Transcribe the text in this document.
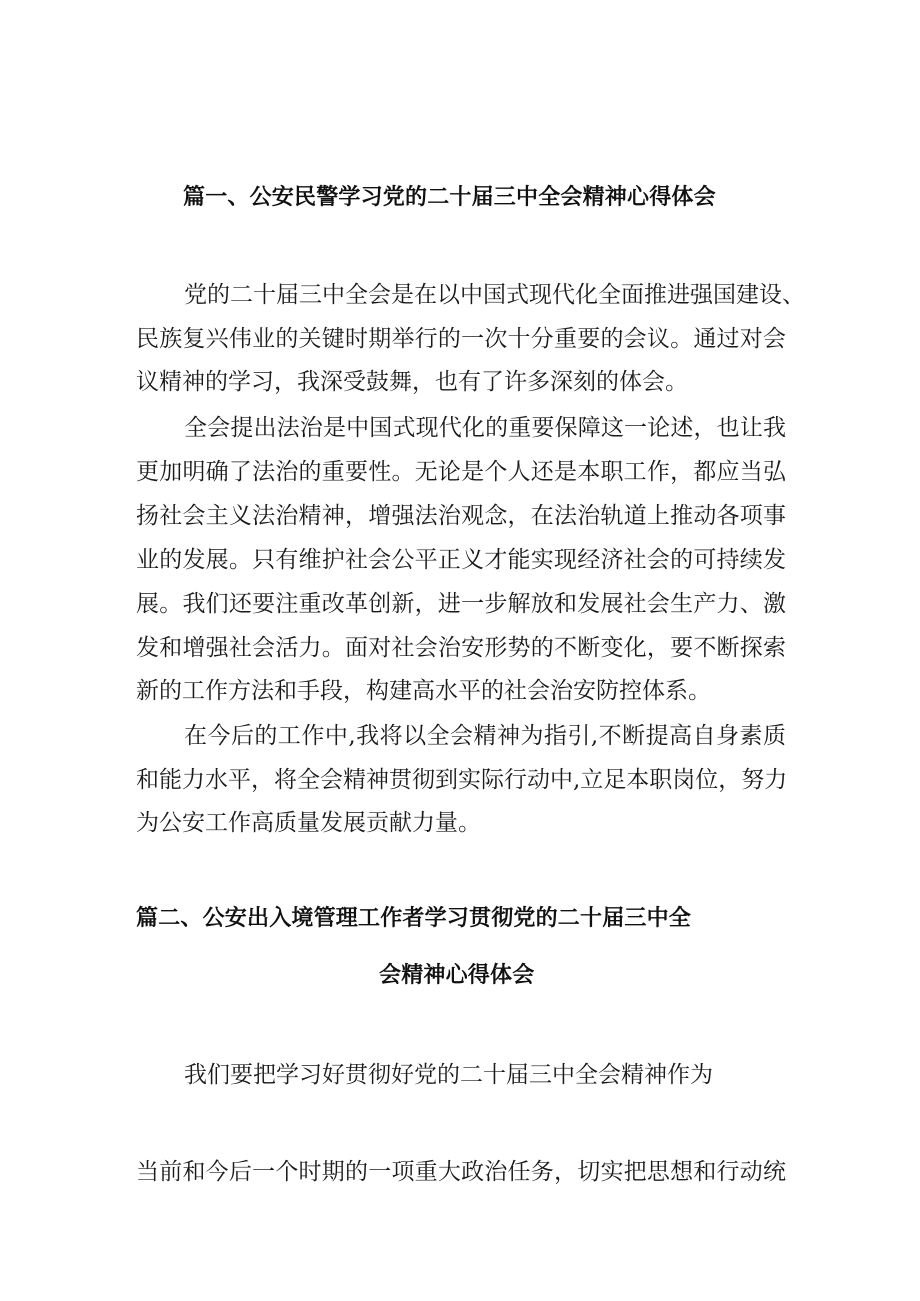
篇一、公安民警学习党的二十届三中全会精神心得体会
党的二十届三中全会是在以中国式现代化全面推进强国建设、
民族复兴伟业的关键时期举行的一次十分重要的会议。通过对会
议精神的学习，我深受鼓舞，也有了许多深刻的体会。
全会提出法治是中国式现代化的重要保障这一论述，也让我
更加明确了法治的重要性。无论是个人还是本职工作，都应当弘
扬社会主义法治精神，增强法治观念，在法治轨道上推动各项事
业的发展。只有维护社会公平正义才能实现经济社会的可持续发
展。我们还要注重改革创新，进一步解放和发展社会生产力、激
发和增强社会活力。面对社会治安形势的不断变化，要不断探索
新的工作方法和手段，构建高水平的社会治安防控体系。
在今后的工作中,我将以全会精神为指引,不断提高自身素质
和能力水平，将全会精神贯彻到实际行动中,立足本职岗位，努力
为公安工作高质量发展贡献力量。
篇二、公安出入境管理工作者学习贯彻党的二十届三中全
会精神心得体会
我们要把学习好贯彻好党的二十届三中全会精神作为
当前和今后一个时期的一项重大政治任务，切实把思想和行动统
